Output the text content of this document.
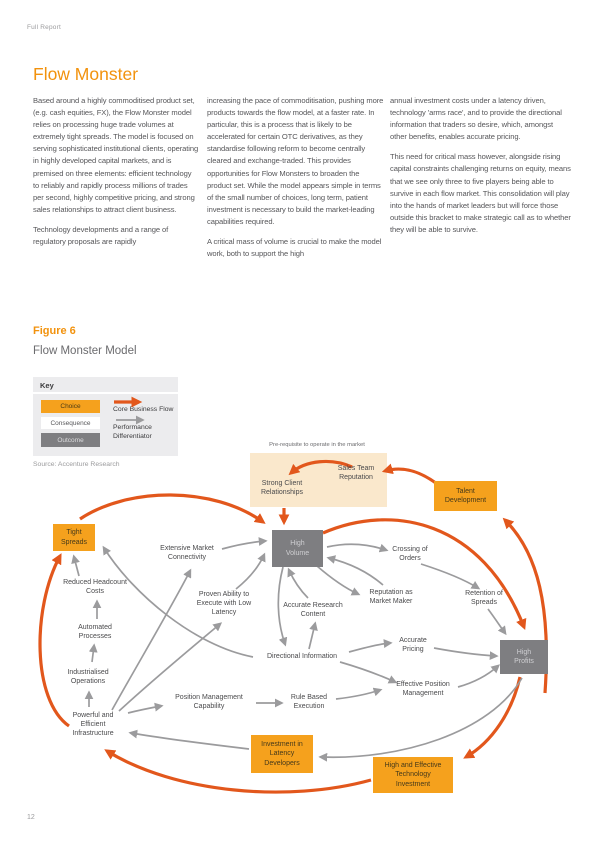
Full Report
Flow Monster

Based around a highly commoditised product set, (e.g. cash equities, FX), the Flow Monster model relies on processing huge trade volumes at extremely tight spreads. The model is focused on serving sophisticated institutional clients, operating in highly developed capital markets, and is premised on three elements: efficient technology to reliably and rapidly process millions of trades per second, highly competitive pricing, and strong sales relationships to attract client business.

Technology developments and a range of regulatory proposals are rapidly

increasing the pace of commoditisation, pushing more products towards the flow model, at a faster rate. In particular, this is a process that is likely to be accelerated for certain OTC derivatives, as they standardise following reform to become centrally cleared and exchange-traded. This provides opportunities for Flow Monsters to broaden the product set. While the model appears simple in terms of the small number of choices, long term, patient investment is necessary to build the market-leading capabilities required.

A critical mass of volume is crucial to make the model work, both to support the high

annual investment costs under a latency driven, technology 'arms race', and to provide the directional information that traders so desire, which, amongst other benefits, enables accurate pricing.

This need for critical mass however, alongside rising capital constraints challenging returns on equity, means that we see only three to five players being able to survive in each flow market. This consolidation will play into the hands of market leaders but will force those outside this bracket to make strategic call as to whether they will be able to survive.

Figure 6
Flow Monster Model
Key
Choice
Consequence
Outcome
Core Business Flow
Performance Differentiator
Source: Accenture Research
Pre-requisite to operate in the market
Sales Team Reputation
Strong Client Relationships	Talent Development
Tight Spreads	High Volume
Extensive Market Connectivity
Reduced Headcount Costs	Proven Ability to Execute with Low Latency
Crossing of Orders
Reputation as Market Maker
Accurate Research Content
Retention of Spreads
Automated Processes
Accurate Pricing
Directional Information
High Profits
Industrialised Operations	Effective Position Management
Position Management Capability
Rule Based Execution
Powerful and Efficient Infrastructure
Investment in Latency Developers	High and Effective Technology Investment
12
